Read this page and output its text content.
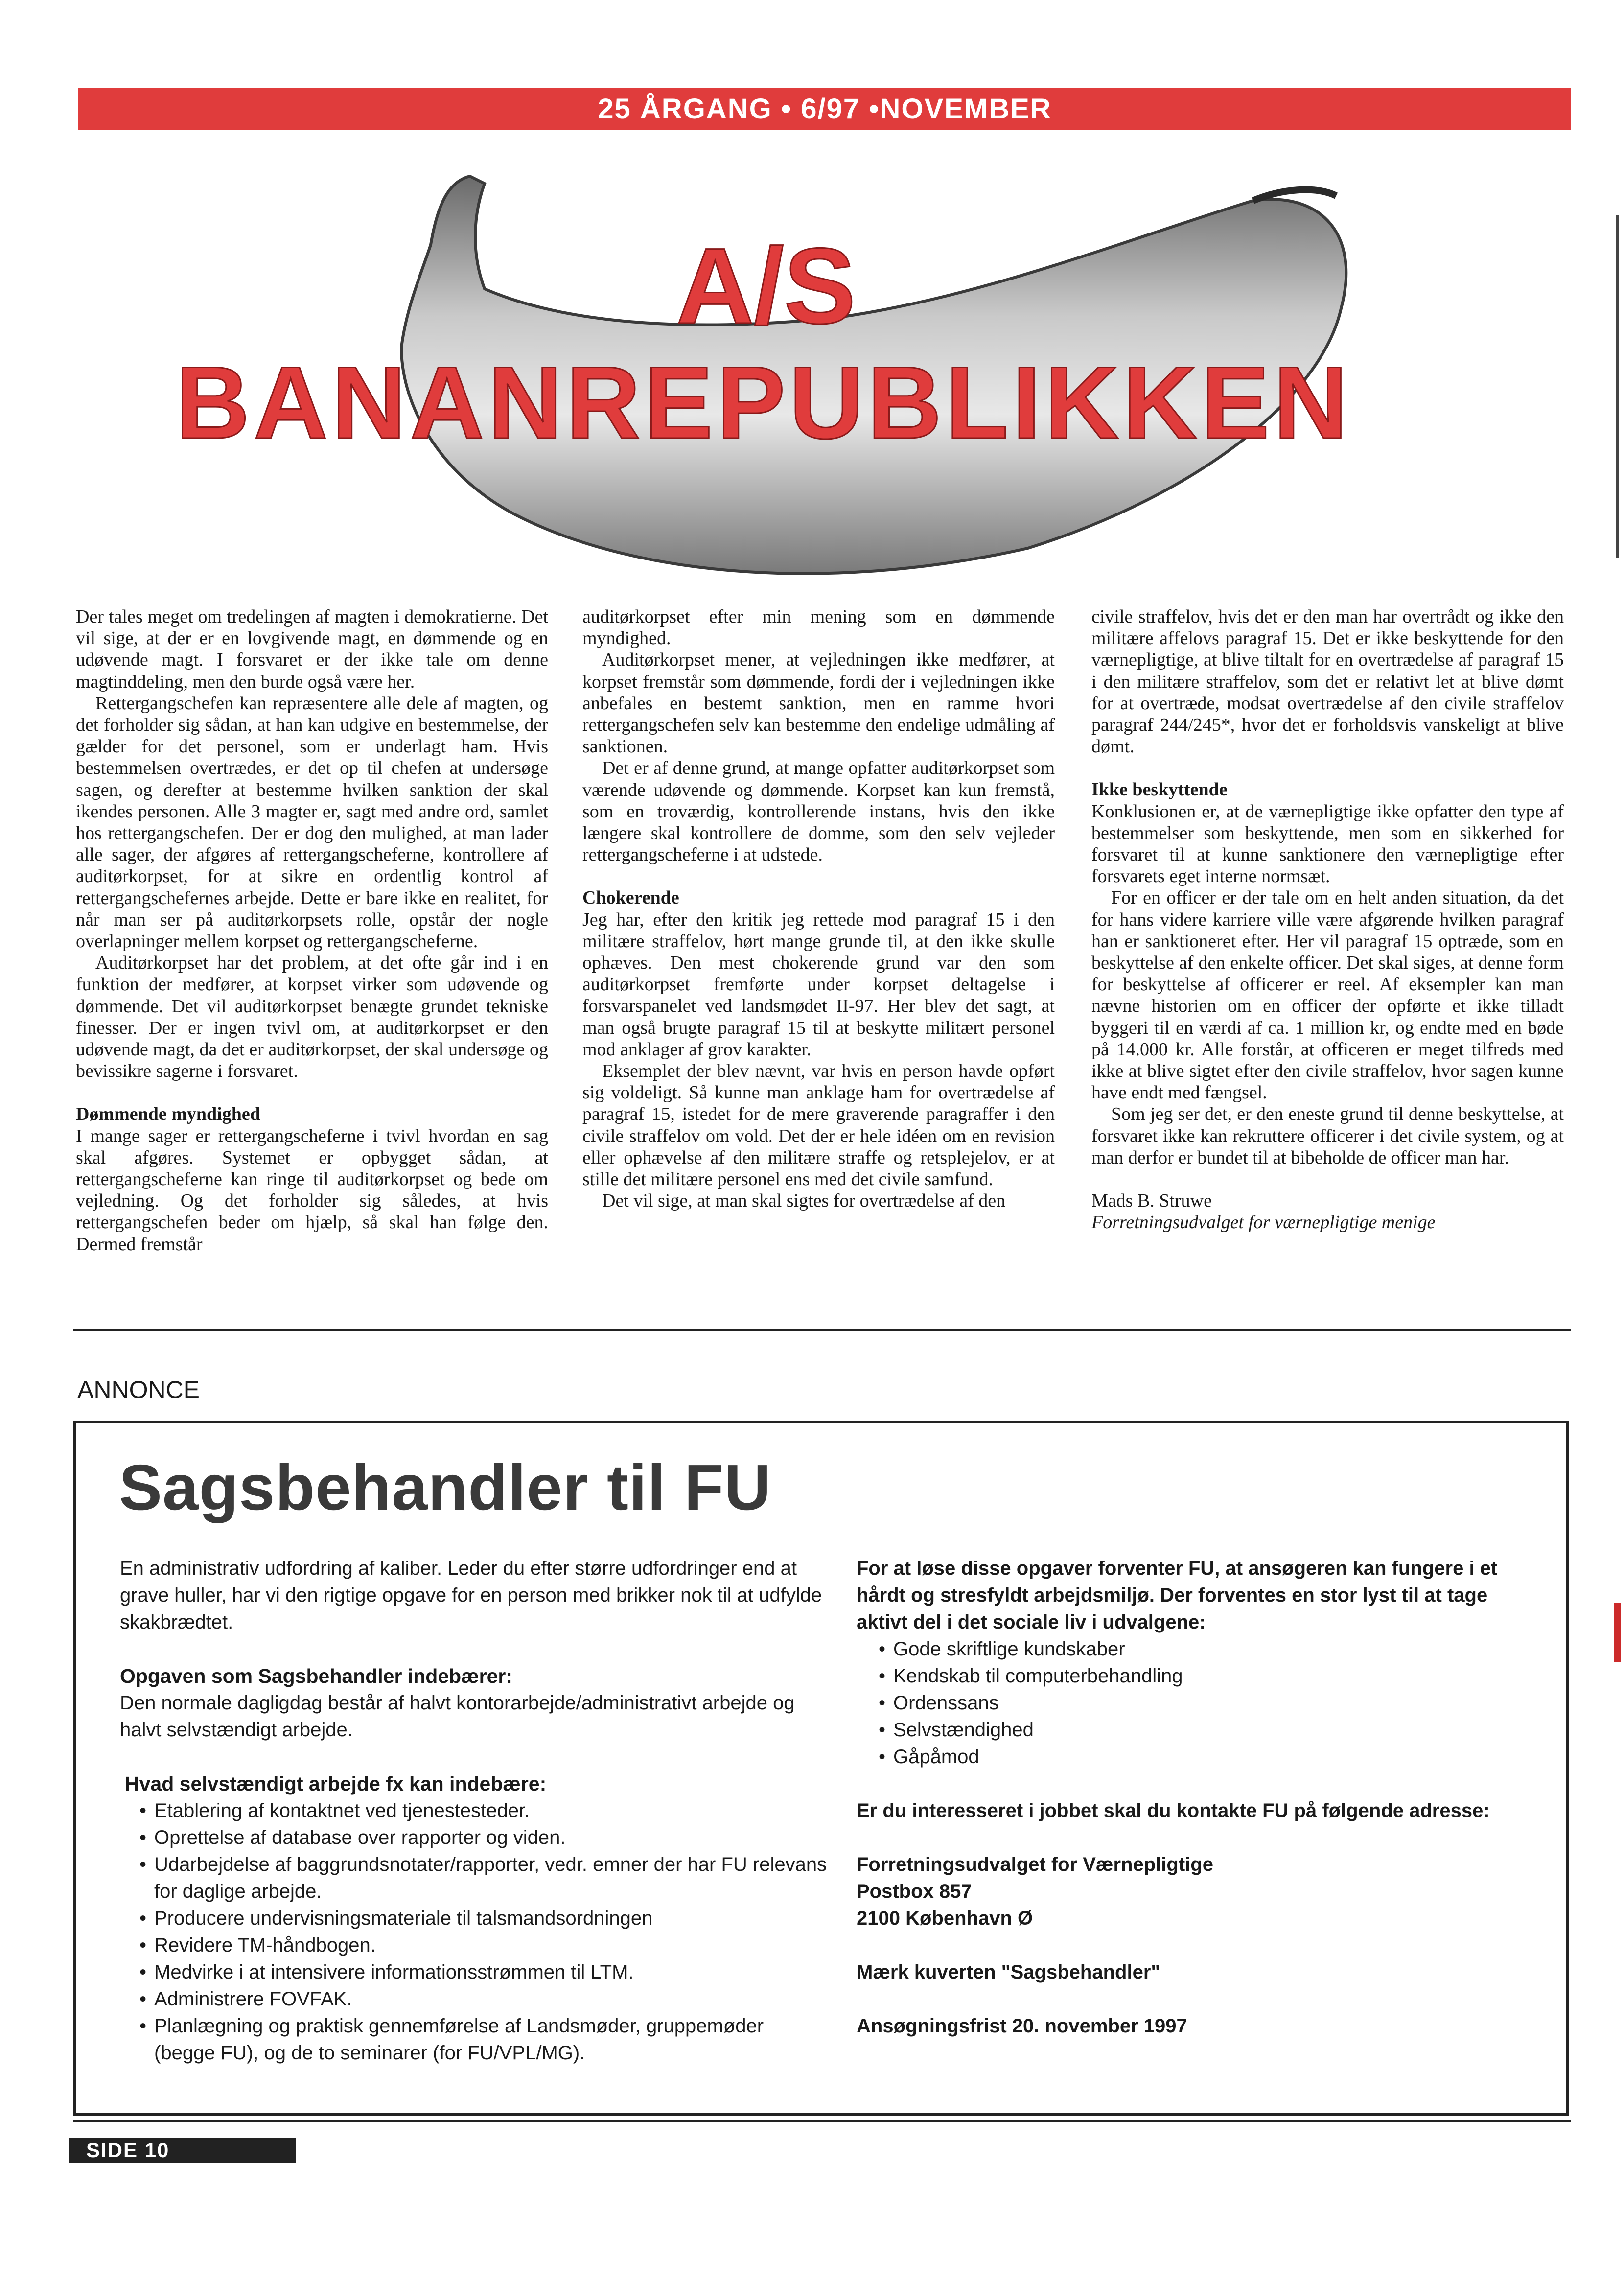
25 ÅRGANG • 6/97 •NOVEMBER
A/S
BANANREPUBLIKKEN

Der tales meget om tredelingen af magten i demokratierne. Det vil sige, at der er en lovgivende magt, en dømmende og en udøvende magt. I forsvaret er der ikke tale om denne magtinddeling, men den burde også være her.

Rettergangschefen kan repræsentere alle dele af magten, og det forholder sig sådan, at han kan udgive en bestemmelse, der gælder for det personel, som er underlagt ham. Hvis bestemmelsen overtrædes, er det op til chefen at undersøge sagen, og derefter at bestemme hvilken sanktion der skal ikendes personen. Alle 3 magter er, sagt med andre ord, samlet hos rettergangschefen. Der er dog den mulighed, at man lader alle sager, der afgøres af rettergangscheferne, kontrollere af auditørkorpset, for at sikre en ordentlig kontrol af rettergangschefernes arbejde. Dette er bare ikke en realitet, for når man ser på auditørkorpsets rolle, opstår der nogle overlapninger mellem korpset og rettergangscheferne.

Auditørkorpset har det problem, at det ofte går ind i en funktion der medfører, at korpset virker som udøvende og dømmende. Det vil auditørkorpset benægte grundet tekniske finesser. Der er ingen tvivl om, at auditørkorpset er den udøvende magt, da det er auditørkorpset, der skal undersøge og bevissikre sagerne i forsvaret.

Dømmende myndighed

I mange sager er rettergangscheferne i tvivl hvordan en sag skal afgøres. Systemet er opbygget sådan, at rettergangscheferne kan ringe til auditørkorpset og bede om vejledning. Og det forholder sig således, at hvis rettergangschefen beder om hjælp, så skal han følge den. Dermed fremstår

auditørkorpset efter min mening som en dømmende myndighed.

Auditørkorpset mener, at vejledningen ikke medfører, at korpset fremstår som dømmende, fordi der i vejledningen ikke anbefales en bestemt sanktion, men en ramme hvori rettergangschefen selv kan bestemme den endelige udmåling af sanktionen.

Det er af denne grund, at mange opfatter auditørkorpset som værende udøvende og dømmende. Korpset kan kun fremstå, som en troværdig, kontrollerende instans, hvis den ikke længere skal kontrollere de domme, som den selv vejleder rettergangscheferne i at udstede.

Chokerende

Jeg har, efter den kritik jeg rettede mod paragraf 15 i den militære straffelov, hørt mange grunde til, at den ikke skulle ophæves. Den mest chokerende grund var den som auditørkorpset fremførte under korpset deltagelse i forsvarspanelet ved landsmødet II-97. Her blev det sagt, at man også brugte paragraf 15 til at beskytte militært personel mod anklager af grov karakter.

Eksemplet der blev nævnt, var hvis en person havde opført sig voldeligt. Så kunne man anklage ham for overtrædelse af paragraf 15, istedet for de mere graverende paragraffer i den civile straffelov om vold. Det der er hele idéen om en revision eller ophævelse af den militære straffe og retsplejelov, er at stille det militære personel ens med det civile samfund.

Det vil sige, at man skal sigtes for overtrædelse af den

civile straffelov, hvis det er den man har overtrådt og ikke den militære affelovs paragraf 15. Det er ikke beskyttende for den værnepligtige, at blive tiltalt for en overtrædelse af paragraf 15 i den militære straffelov, som det er relativt let at blive dømt for at overtræde, modsat overtrædelse af den civile straffelov paragraf 244/245*, hvor det er forholdsvis vanskeligt at blive dømt.

Ikke beskyttende

Konklusionen er, at de værnepligtige ikke opfatter den type af bestemmelser som beskyttende, men som en sikkerhed for forsvaret til at kunne sanktionere den værnepligtige efter forsvarets eget interne normsæt.

For en officer er der tale om en helt anden situation, da det for hans videre karriere ville være afgørende hvilken paragraf han er sanktioneret efter. Her vil paragraf 15 optræde, som en beskyttelse af den enkelte officer. Det skal siges, at denne form for beskyttelse af officerer er reel. Af eksempler kan man nævne historien om en officer der opførte et ikke tilladt byggeri til en værdi af ca. 1 million kr, og endte med en bøde på 14.000 kr. Alle forstår, at officeren er meget tilfreds med ikke at blive sigtet efter den civile straffelov, hvor sagen kunne have endt med fængsel.

Som jeg ser det, er den eneste grund til denne beskyttelse, at forsvaret ikke kan rekruttere officerer i det civile system, og at man derfor er bundet til at bibeholde de officer man har.

Mads B. Struwe

Forretningsudvalget for værnepligtige menige

ANNONCE
Sagsbehandler til FU

En administrativ udfordring af kaliber. Leder du efter større udfordringer end at grave huller, har vi den rigtige opgave for en person med brikker nok til at udfylde skakbrædtet.

Opgaven som Sagsbehandler indebærer:

Den normale dagligdag består af halvt kontorarbejde/administrativt arbejde og halvt selvstændigt arbejde.

Hvad selvstændigt arbejde fx kan indebære:
• Etablering af kontaktnet ved tjenestesteder.
• Oprettelse af database over rapporter og viden.
• Udarbejdelse af baggrundsnotater/rapporter, vedr. emner der har FU relevans for daglige arbejde.
• Producere undervisningsmateriale til talsmandsordningen
• Revidere TM-håndbogen.
• Medvirke i at intensivere informationsstrømmen til LTM.
• Administrere FOVFAK.
• Planlægning og praktisk gennemførelse af Landsmøder, gruppemøder (begge FU), og de to seminarer (for FU/VPL/MG).

For at løse disse opgaver forventer FU, at ansøgeren kan fungere i et hårdt og stresfyldt arbejdsmiljø. Der forventes en stor lyst til at tage aktivt del i det sociale liv i udvalgene:

• Gode skriftlige kundskaber
• Kendskab til computerbehandling
• Ordenssans
• Selvstændighed
• Gåpåmod

Er du interesseret i jobbet skal du kontakte FU på følgende adresse:

Forretningsudvalget for Værnepligtige

Postbox 857

2100 København Ø

Mærk kuverten "Sagsbehandler"

Ansøgningsfrist 20. november 1997

SIDE 10
